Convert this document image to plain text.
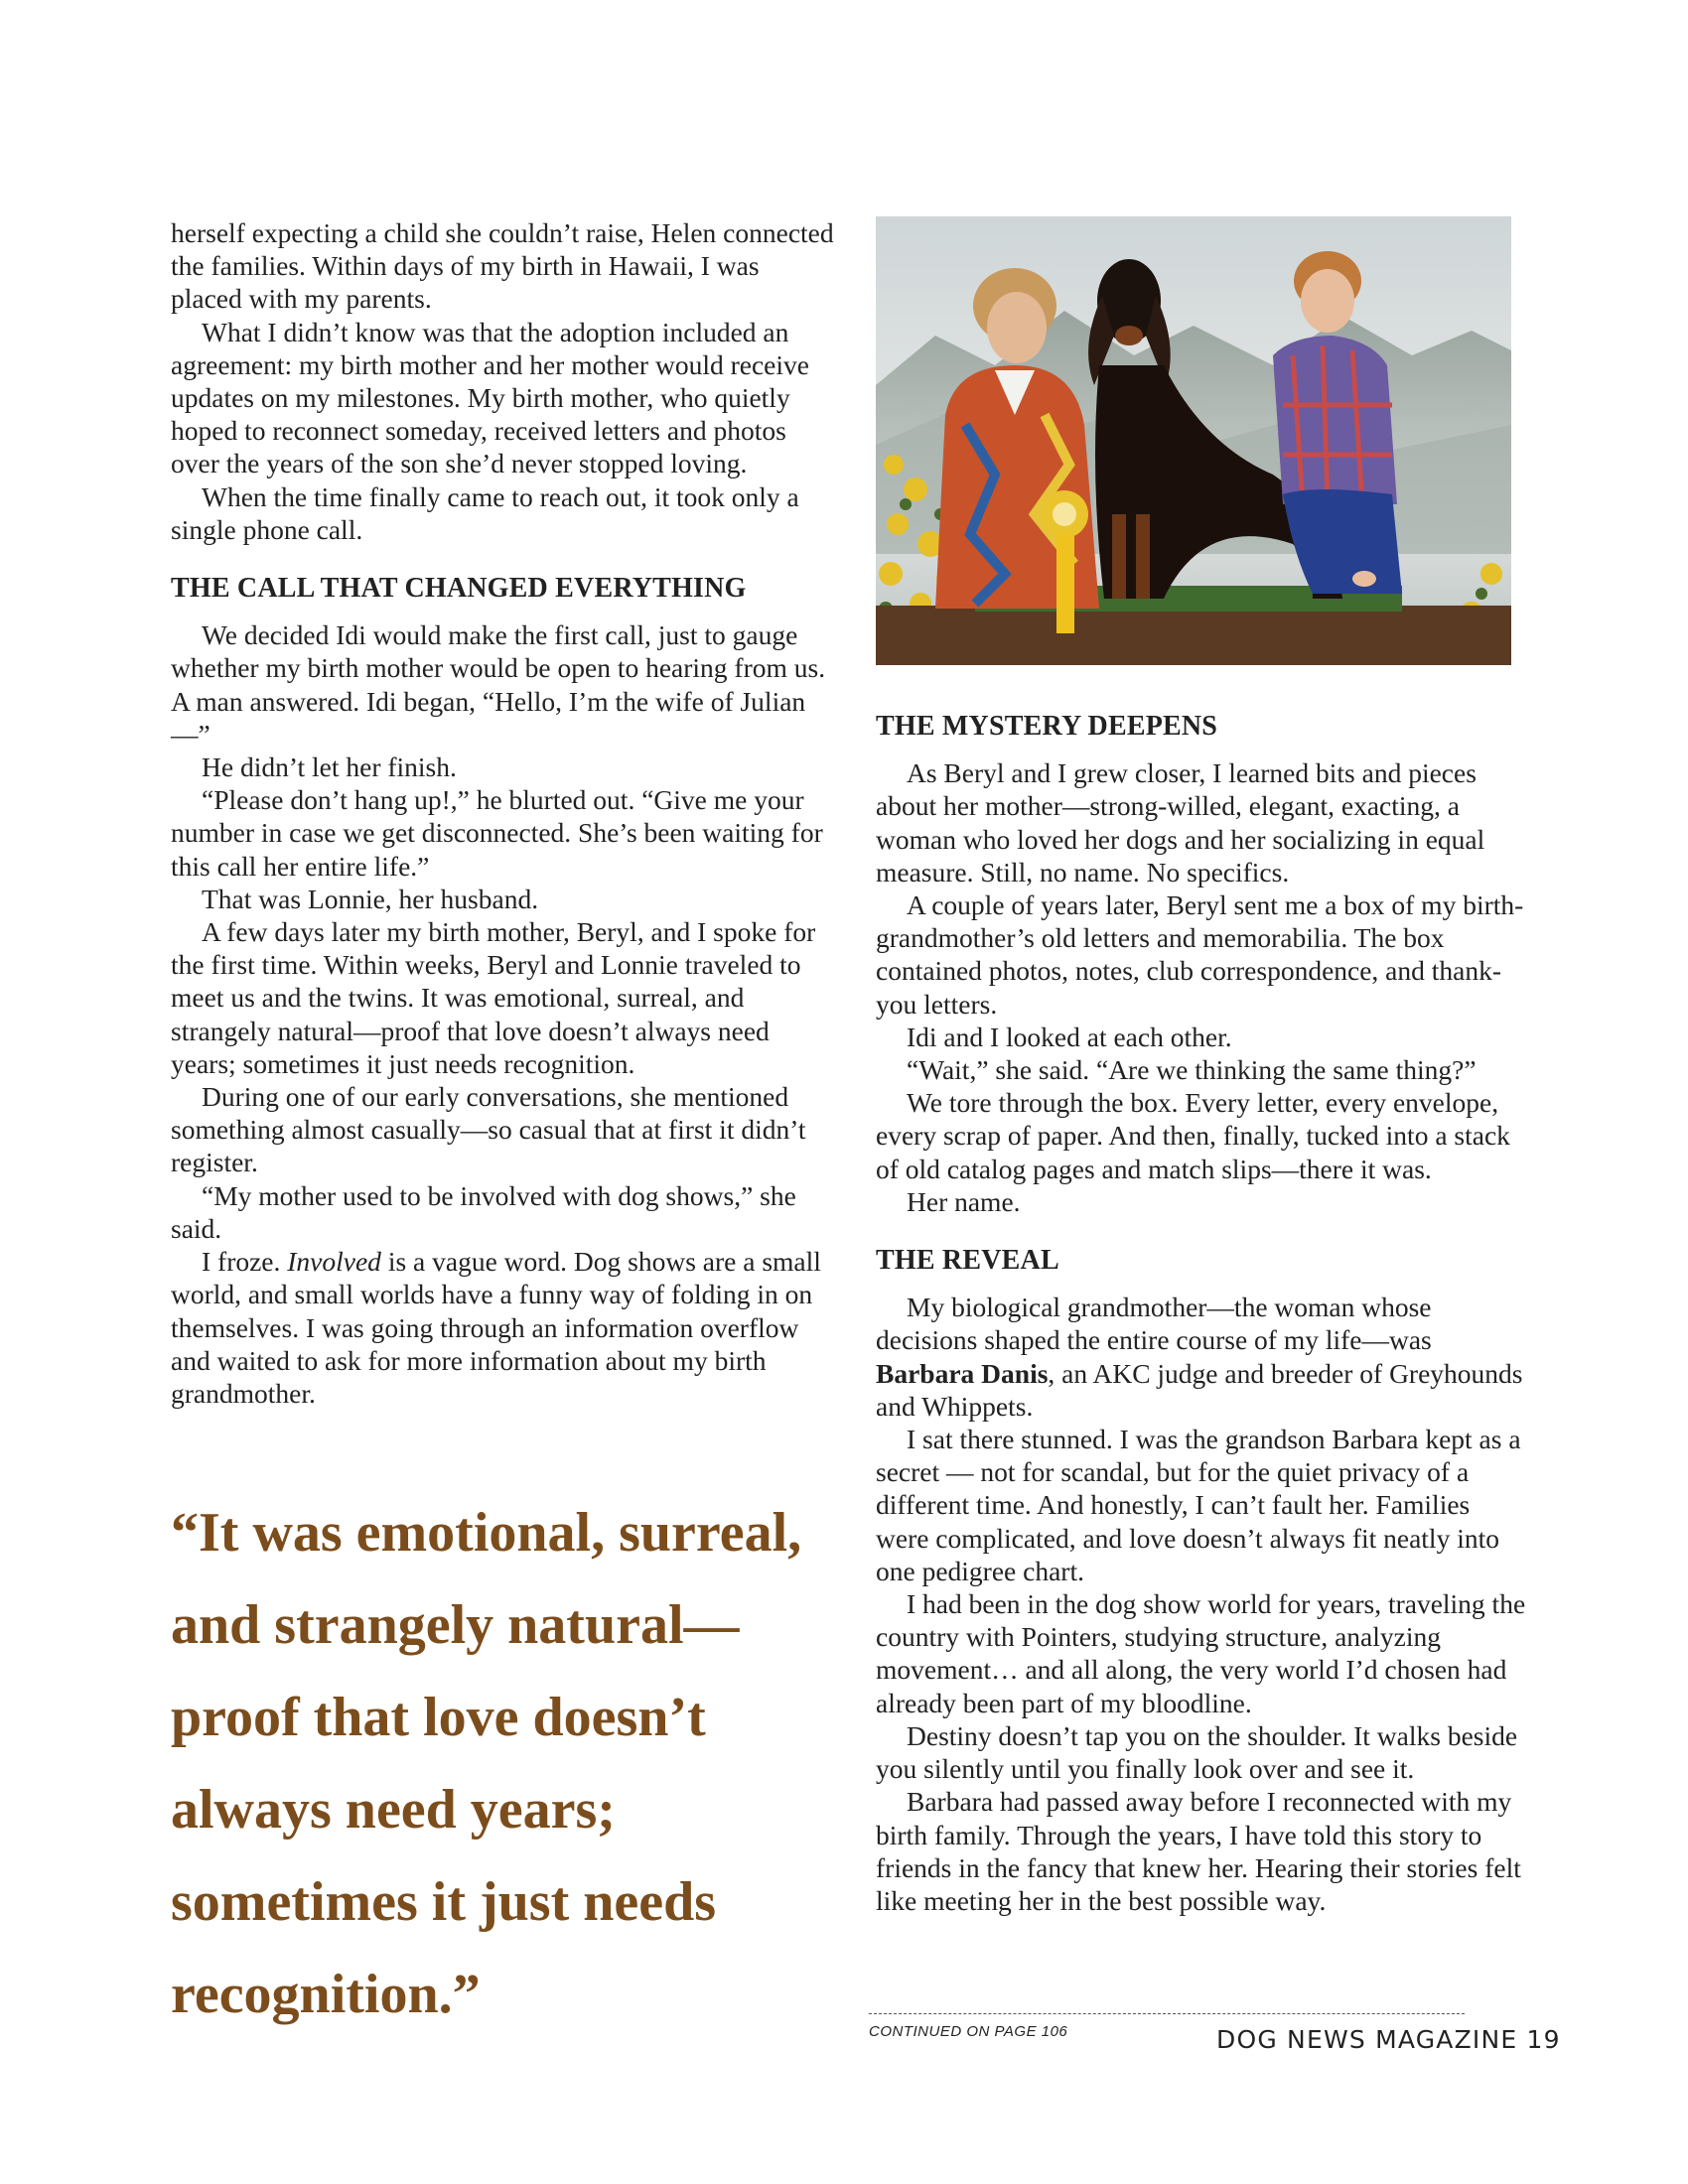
herself expecting a child she couldn’t raise, Helen connected the families. Within days of my birth in Hawaii, I was placed with my parents.

What I didn’t know was that the adoption included an agreement: my birth mother and her mother would receive updates on my milestones. My birth mother, who quietly hoped to reconnect someday, received letters and photos over the years of the son she’d never stopped loving.

When the time finally came to reach out, it took only a single phone call.

THE CALL THAT CHANGED EVERYTHING

We decided Idi would make the first call, just to gauge whether my birth mother would be open to hearing from us. A man answered. Idi began, “Hello, I’m the wife of Julian—”

He didn’t let her finish.

“Please don’t hang up!,” he blurted out. “Give me your number in case we get disconnected. She’s been waiting for this call her entire life.”

That was Lonnie, her husband.

A few days later my birth mother, Beryl, and I spoke for the first time. Within weeks, Beryl and Lonnie traveled to meet us and the twins. It was emotional, surreal, and strangely natural—proof that love doesn’t always need years; sometimes it just needs recognition.

During one of our early conversations, she mentioned something almost casually—so casual that at first it didn’t register.

“My mother used to be involved with dog shows,” she said.

I froze. Involved is a vague word. Dog shows are a small world, and small worlds have a funny way of folding in on themselves. I was going through an information overflow and waited to ask for more information about my birth grandmother.

“It was emotional, surreal, and strangely natural—proof that love doesn’t always need years; sometimes it just needs recognition.”
THE MYSTERY DEEPENS

As Beryl and I grew closer, I learned bits and pieces about her mother—strong-willed, elegant, exacting, a woman who loved her dogs and her socializing in equal measure. Still, no name. No specifics.

A couple of years later, Beryl sent me a box of my birth-grandmother’s old letters and memorabilia. The box contained photos, notes, club correspondence, and thank-you letters.

Idi and I looked at each other.

“Wait,” she said. “Are we thinking the same thing?”

We tore through the box. Every letter, every envelope, every scrap of paper. And then, finally, tucked into a stack of old catalog pages and match slips—there it was.

Her name.

THE REVEAL

My biological grandmother—the woman whose decisions shaped the entire course of my life—was Barbara Danis, an AKC judge and breeder of Greyhounds and Whippets.

I sat there stunned. I was the grandson Barbara kept as a secret — not for scandal, but for the quiet privacy of a different time. And honestly, I can’t fault her. Families were complicated, and love doesn’t always fit neatly into one pedigree chart.

I had been in the dog show world for years, traveling the country with Pointers, studying structure, analyzing movement… and all along, the very world I’d chosen had already been part of my bloodline.

Destiny doesn’t tap you on the shoulder. It walks beside you silently until you finally look over and see it.

Barbara had passed away before I reconnected with my birth family. Through the years, I have told this story to friends in the fancy that knew her. Hearing their stories felt like meeting her in the best possible way.

CONTINUED ON PAGE 106	DOG NEWS MAGAZINE 19
